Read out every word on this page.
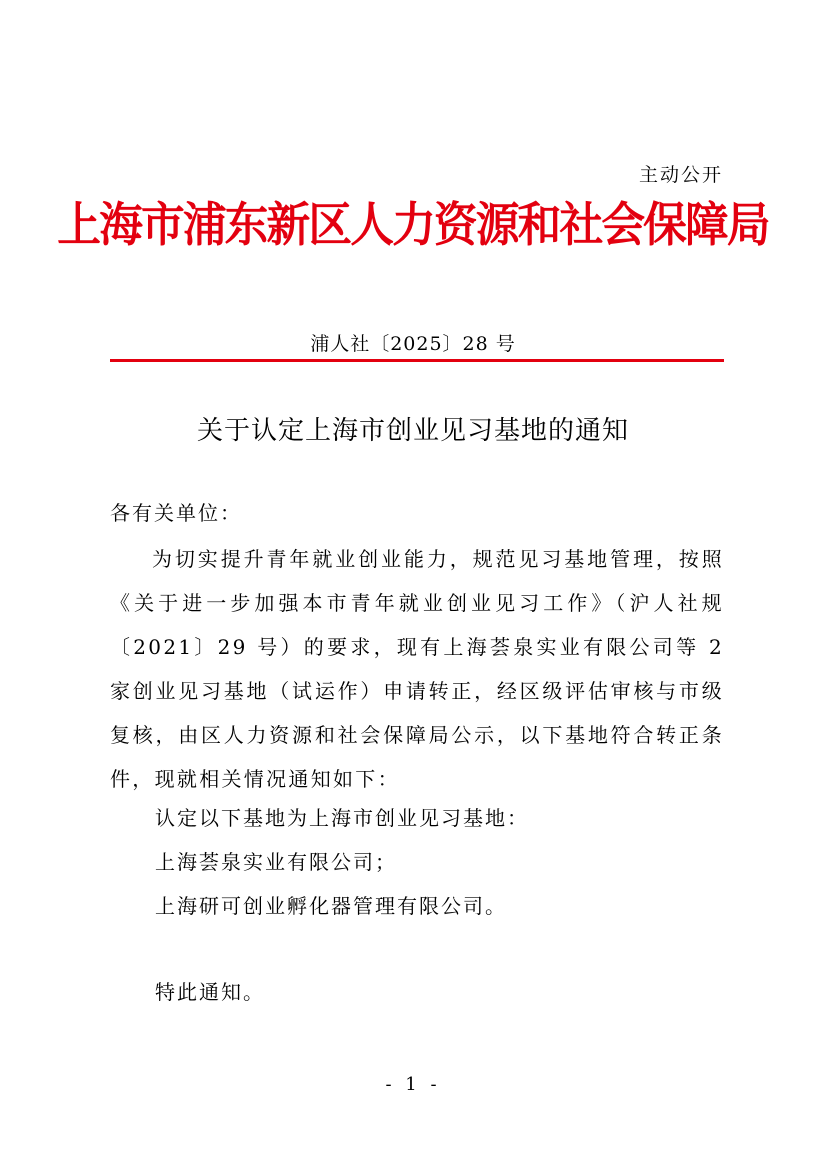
主动公开
上海市浦东新区人力资源和社会保障局
浦人社〔2025〕28 号
关于认定上海市创业见习基地的通知
各有关单位：

为切实提升青年就业创业能力，规范见习基地管理，按照《关于进一步加强本市青年就业创业见习工作》（沪人社规〔2021〕29 号）的要求，现有上海荟泉实业有限公司等 2 家创业见习基地（试运作）申请转正，经区级评估审核与市级复核，由区人力资源和社会保障局公示，以下基地符合转正条件，现就相关情况通知如下：

认定以下基地为上海市创业见习基地：
上海荟泉实业有限公司；
上海研可创业孵化器管理有限公司。
特此通知。
- 1 -
